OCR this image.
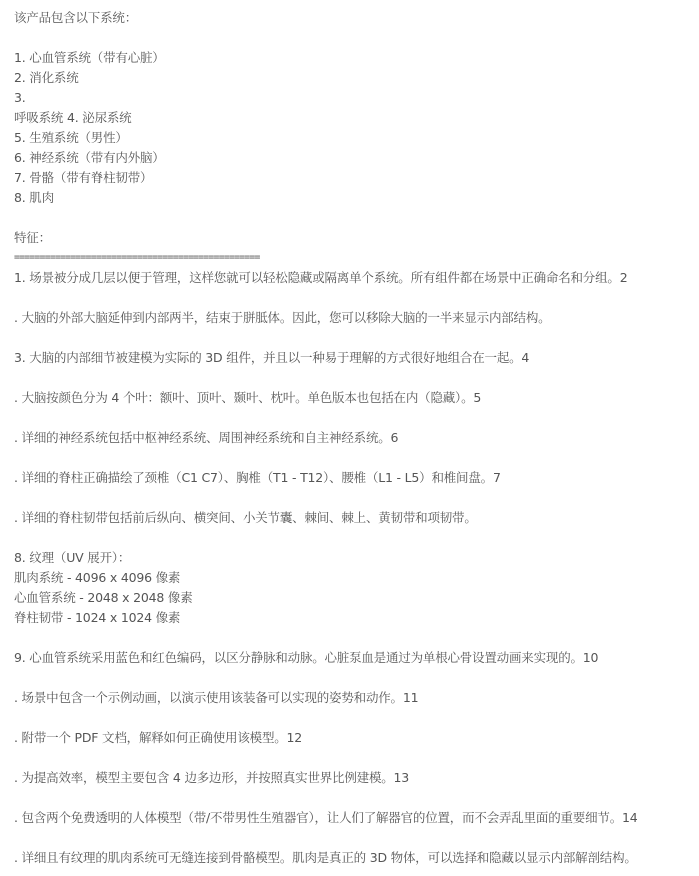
该产品包含以下系统：
1. 心血管系统（带有心脏）
2. 消化系统
3.
呼吸系统 4. 泌尿系统
5. 生殖系统（男性）
6. 神经系统（带有内外脑）
7. 骨骼（带有脊柱韧带）
8. 肌肉
特征：
================================================
1. 场景被分成几层以便于管理，这样您就可以轻松隐藏或隔离单个系统。所有组件都在场景中正确命名和分组。2
. 大脑的外部大脑延伸到内部两半，结束于胼胝体。因此，您可以移除大脑的一半来显示内部结构。
3. 大脑的内部细节被建模为实际的 3D 组件，并且以一种易于理解的方式很好地组合在一起。4
. 大脑按颜色分为 4 个叶：额叶、顶叶、颞叶、枕叶。单色版本也包括在内（隐藏）。5
. 详细的神经系统包括中枢神经系统、周围神经系统和自主神经系统。6
. 详细的脊柱正确描绘了颈椎（C1 C7）、胸椎（T1 - T12）、腰椎（L1 - L5）和椎间盘。7
. 详细的脊柱韧带包括前后纵向、横突间、小关节囊、棘间、棘上、黄韧带和项韧带。
8. 纹理（UV 展开）：
肌肉系统 - 4096 x 4096 像素
心血管系统 - 2048 x 2048 像素
脊柱韧带 - 1024 x 1024 像素
9. 心血管系统采用蓝色和红色编码，以区分静脉和动脉。心脏泵血是通过为单根心骨设置动画来实现的。10
. 场景中包含一个示例动画，以演示使用该装备可以实现的姿势和动作。11
. 附带一个 PDF 文档，解释如何正确使用该模型。12
. 为提高效率，模型主要包含 4 边多边形，并按照真实世界比例建模。13
. 包含两个免费透明的人体模型（带/不带男性生殖器官），让人们了解器官的位置，而不会弄乱里面的重要细节。14
. 详细且有纹理的肌肉系统可无缝连接到骨骼模型。肌肉是真正的 3D 物体，可以选择和隐藏以显示内部解剖结构。
